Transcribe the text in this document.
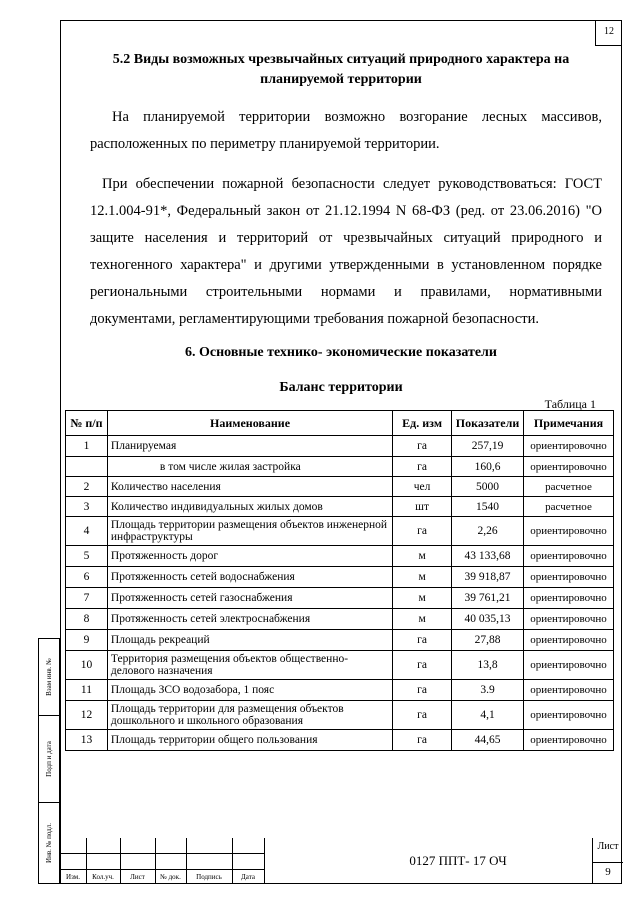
12
5.2 Виды возможных чрезвычайных ситуаций природного характера на
планируемой территории
На планируемой территории возможно возгорание лесных массивов, расположенных по периметру планируемой территории.
При обеспечении пожарной безопасности следует руководствоваться: ГОСТ 12.1.004-91*, Федеральный закон от 21.12.1994 N 68-ФЗ (ред. от 23.06.2016) "О защите населения и территорий от чрезвычайных ситуаций природного и техногенного характера" и другими утвержденными в установленном порядке региональными строительными нормами и правилами, нормативными документами, регламентирующими требования пожарной безопасности.
6. Основные технико- экономические показатели
Баланс территории
Таблица 1
№ п/п	Наименование	Ед. изм	Показатели	Примечания
1	Планируемая	га	257,19	ориентировочно
	в том числе жилая застройка	га	160,6	ориентировочно
2	Количество населения	чел	5000	расчетное
3	Количество индивидуальных жилых домов	шт	1540	расчетное
4	Площадь территории размещения объектов инженерной инфраструктуры	га	2,26	ориентировочно
5	Протяженность дорог	м	43 133,68	ориентировочно
6	Протяженность сетей водоснабжения	м	39 918,87	ориентировочно
7	Протяженность сетей газоснабжения	м	39 761,21	ориентировочно
8	Протяженность сетей электроснабжения	м	40 035,13	ориентировочно
9	Площадь рекреаций	га	27,88	ориентировочно
10	Территория размещения объектов общественно-делового назначения	га	13,8	ориентировочно
11	Площадь ЗСО водозабора, 1 пояс	га	3.9	ориентировочно
12	Площадь территории для размещения объектов дошкольного и школьного образования	га	4,1	ориентировочно
13	Площадь территории общего пользования	га	44,65	ориентировочно
Взам инв. №
Подп и дата
Инв. № подл.
Изм.	Кол.уч.	Лист	№ док.	Подпись	Дата
0127 ППТ- 17 ОЧ
Лист
9
